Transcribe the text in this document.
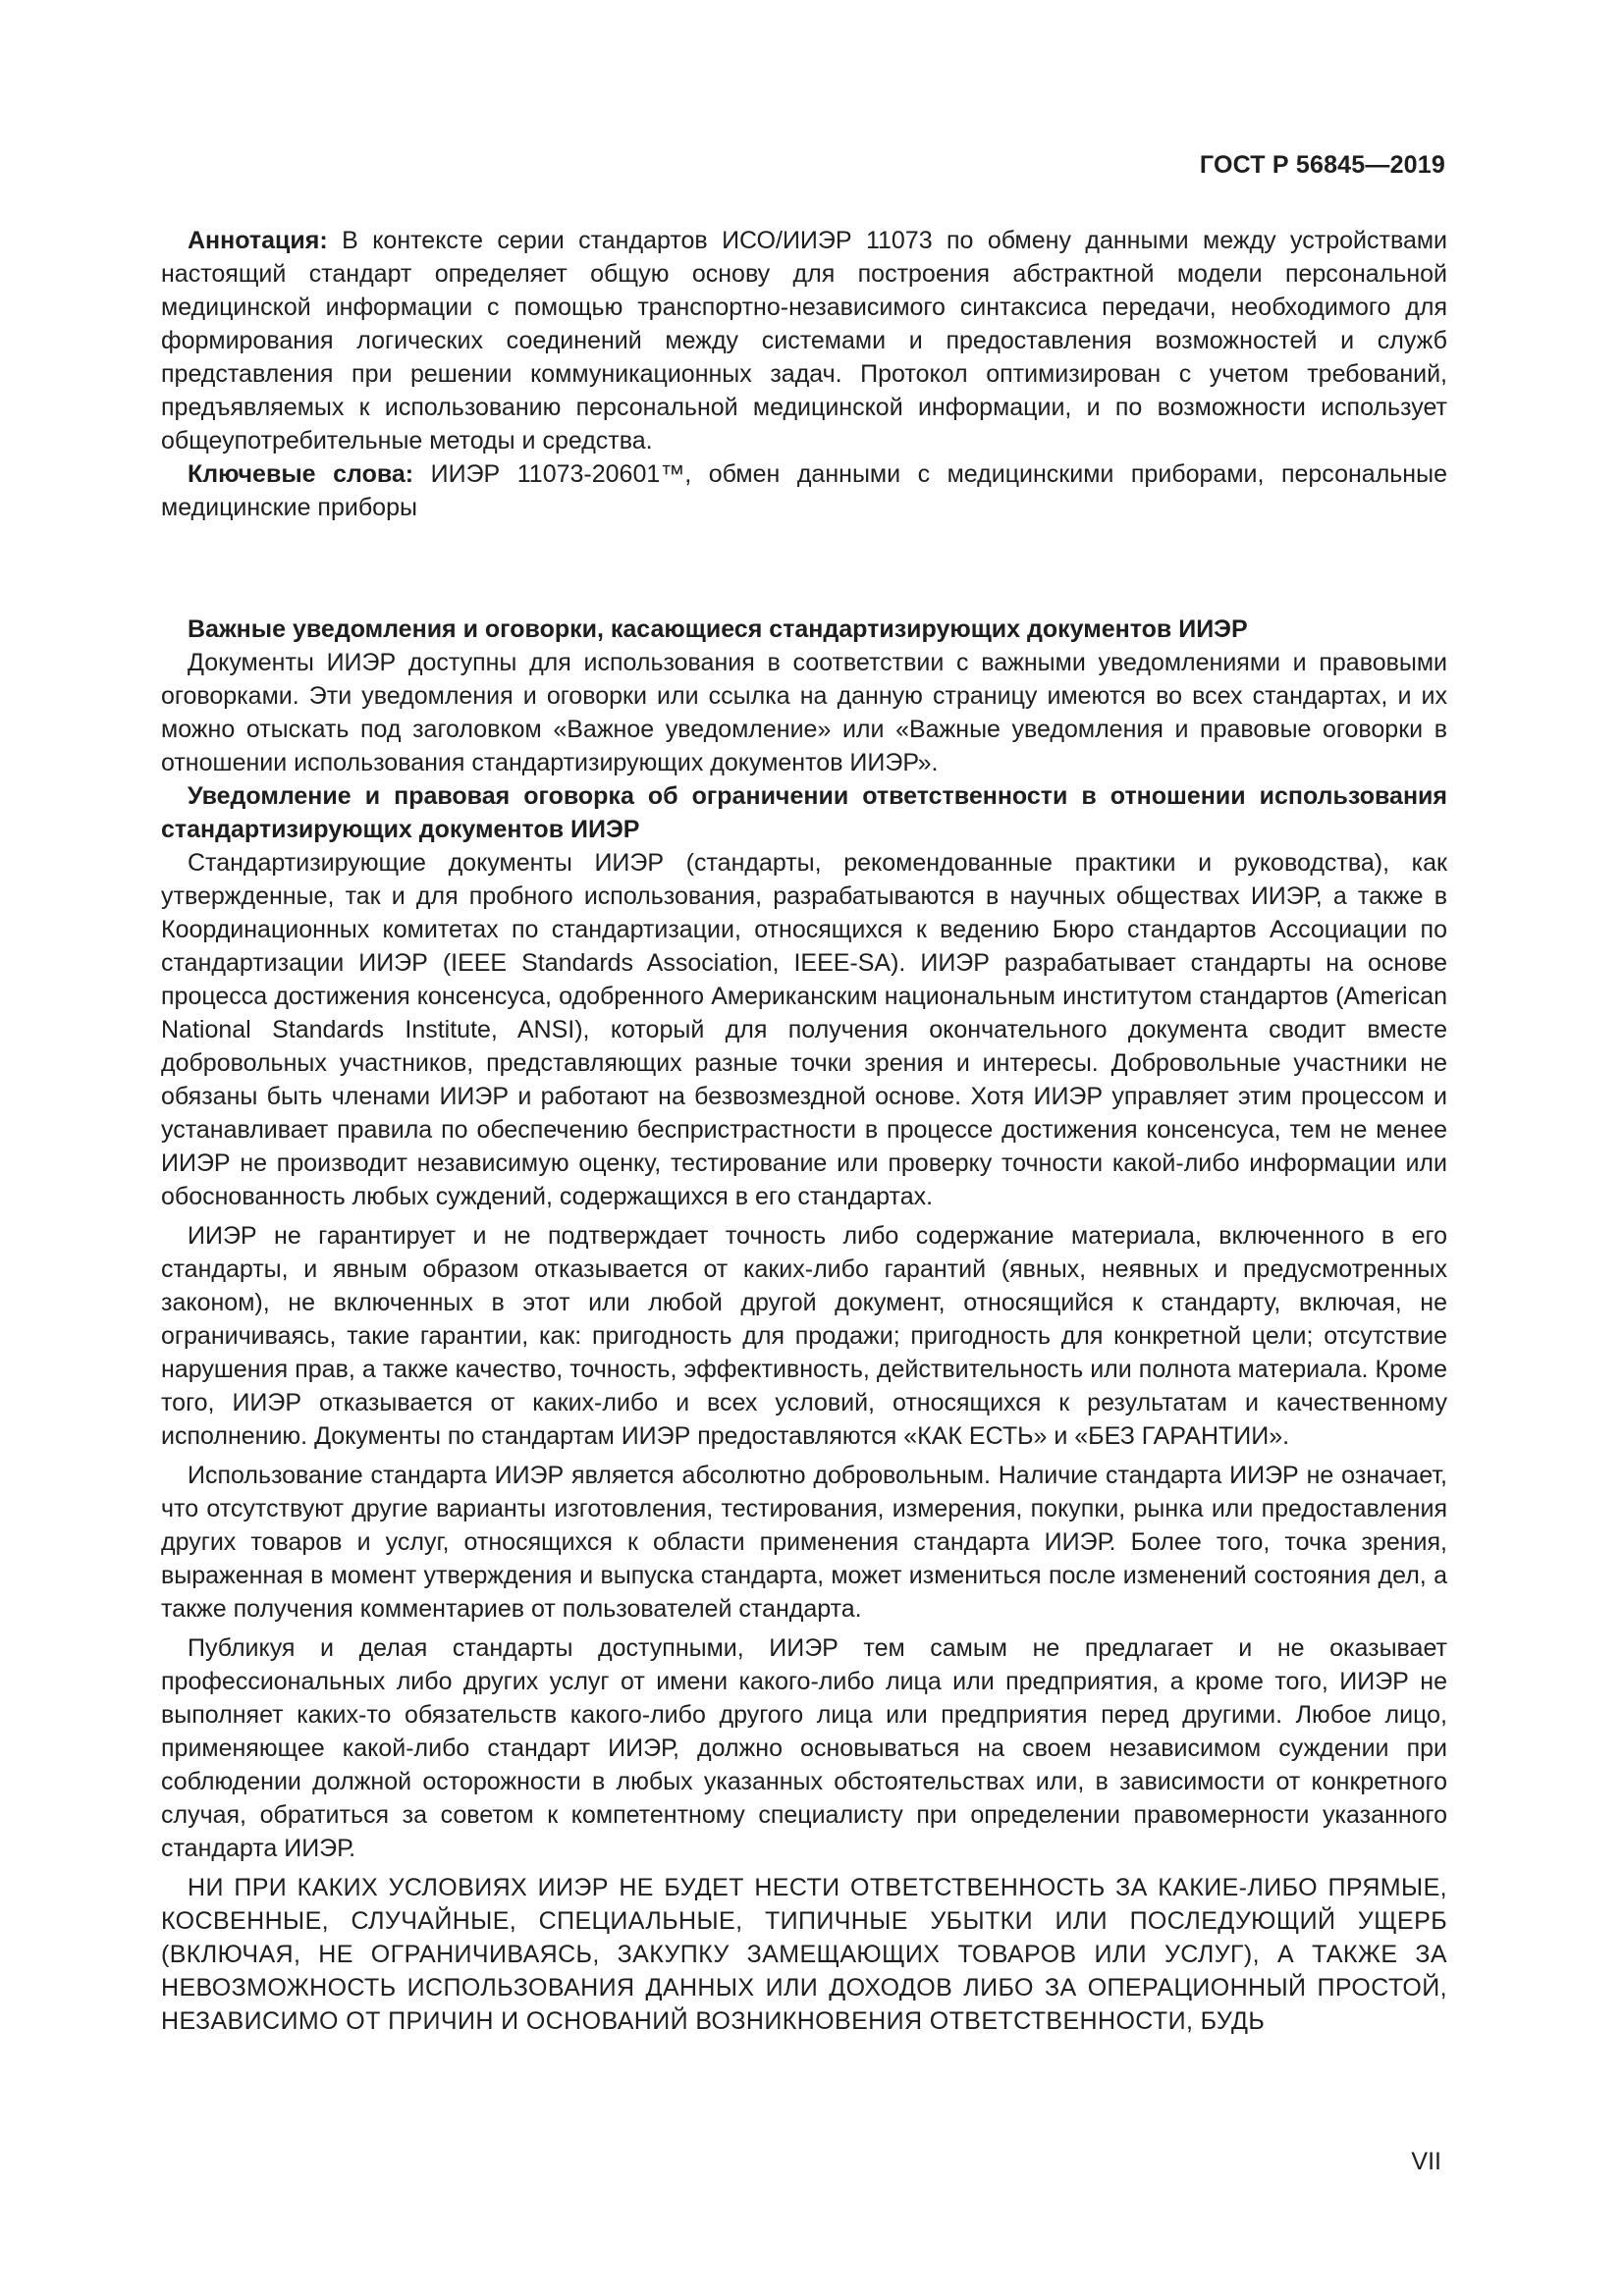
ГОСТ Р 56845—2019

Аннотация: В контексте серии стандартов ИСО/ИИЭР 11073 по обмену данными между устройствами настоящий стандарт определяет общую основу для построения абстрактной модели персональной медицинской информации с помощью транспортно-независимого синтаксиса передачи, необходимого для формирования логических соединений между системами и предоставления возможностей и служб представления при решении коммуникационных задач. Протокол оптимизирован с учетом требований, предъявляемых к использованию персональной медицинской информации, и по возможности использует общеупотребительные методы и средства.

Ключевые слова: ИИЭР 11073-20601™, обмен данными с медицинскими приборами, персональные медицинские приборы

Важные уведомления и оговорки, касающиеся стандартизирующих документов ИИЭР

Документы ИИЭР доступны для использования в соответствии с важными уведомлениями и правовыми оговорками. Эти уведомления и оговорки или ссылка на данную страницу имеются во всех стандартах, и их можно отыскать под заголовком «Важное уведомление» или «Важные уведомления и правовые оговорки в отношении использования стандартизирующих документов ИИЭР».

Уведомление и правовая оговорка об ограничении ответственности в отношении использования стандартизирующих документов ИИЭР

Стандартизирующие документы ИИЭР (стандарты, рекомендованные практики и руководства), как утвержденные, так и для пробного использования, разрабатываются в научных обществах ИИЭР, а также в Координационных комитетах по стандартизации, относящихся к ведению Бюро стандартов Ассоциации по стандартизации ИИЭР (IEEE Standards Association, IEEE-SA). ИИЭР разрабатывает стандарты на основе процесса достижения консенсуса, одобренного Американским национальным институтом стандартов (American National Standards Institute, ANSI), который для получения окончательного документа сводит вместе добровольных участников, представляющих разные точки зрения и интересы. Добровольные участники не обязаны быть членами ИИЭР и работают на безвозмездной основе. Хотя ИИЭР управляет этим процессом и устанавливает правила по обеспечению беспристрастности в процессе достижения консенсуса, тем не менее ИИЭР не производит независимую оценку, тестирование или проверку точности какой-либо информации или обоснованность любых суждений, содержащихся в его стандартах.

ИИЭР не гарантирует и не подтверждает точность либо содержание материала, включенного в его стандарты, и явным образом отказывается от каких-либо гарантий (явных, неявных и предусмотренных законом), не включенных в этот или любой другой документ, относящийся к стандарту, включая, не ограничиваясь, такие гарантии, как: пригодность для продажи; пригодность для конкретной цели; отсутствие нарушения прав, а также качество, точность, эффективность, действительность или полнота материала. Кроме того, ИИЭР отказывается от каких-либо и всех условий, относящихся к результатам и качественному исполнению. Документы по стандартам ИИЭР предоставляются «КАК ЕСТЬ» и «БЕЗ ГАРАНТИИ».

Использование стандарта ИИЭР является абсолютно добровольным. Наличие стандарта ИИЭР не означает, что отсутствуют другие варианты изготовления, тестирования, измерения, покупки, рынка или предоставления других товаров и услуг, относящихся к области применения стандарта ИИЭР. Более того, точка зрения, выраженная в момент утверждения и выпуска стандарта, может измениться после изменений состояния дел, а также получения комментариев от пользователей стандарта.

Публикуя и делая стандарты доступными, ИИЭР тем самым не предлагает и не оказывает профессиональных либо других услуг от имени какого-либо лица или предприятия, а кроме того, ИИЭР не выполняет каких-то обязательств какого-либо другого лица или предприятия перед другими. Любое лицо, применяющее какой-либо стандарт ИИЭР, должно основываться на своем независимом суждении при соблюдении должной осторожности в любых указанных обстоятельствах или, в зависимости от конкретного случая, обратиться за советом к компетентному специалисту при определении правомерности указанного стандарта ИИЭР.

НИ ПРИ КАКИХ УСЛОВИЯХ ИИЭР НЕ БУДЕТ НЕСТИ ОТВЕТСТВЕННОСТЬ ЗА КАКИЕ-ЛИБО ПРЯМЫЕ, КОСВЕННЫЕ, СЛУЧАЙНЫЕ, СПЕЦИАЛЬНЫЕ, ТИПИЧНЫЕ УБЫТКИ ИЛИ ПОСЛЕДУЮЩИЙ УЩЕРБ (ВКЛЮЧАЯ, НЕ ОГРАНИЧИВАЯСЬ, ЗАКУПКУ ЗАМЕЩАЮЩИХ ТОВАРОВ ИЛИ УСЛУГ), А ТАКЖЕ ЗА НЕВОЗМОЖНОСТЬ ИСПОЛЬЗОВАНИЯ ДАННЫХ ИЛИ ДОХОДОВ ЛИБО ЗА ОПЕРАЦИОННЫЙ ПРОСТОЙ, НЕЗАВИСИМО ОТ ПРИЧИН И ОСНОВАНИЙ ВОЗНИКНОВЕНИЯ ОТВЕТСТВЕННОСТИ, БУДЬ

VII
